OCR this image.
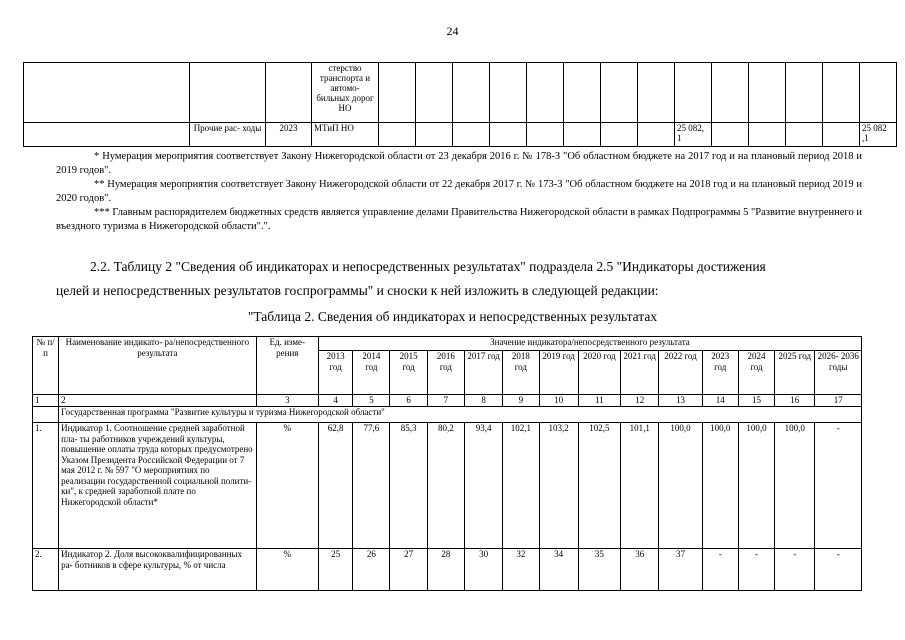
24
			стерство транспорта и автомо- бильных дорог НО														
	Прочие рас- ходы	2023	МТиП НО									25 082, 1					25 082 ,1

* Нумерация мероприятия соответствует Закону Нижегородской области от 23 декабря 2016 г. № 178-З "Об областном бюджете на 2017 год и на плановый период 2018 и 2019 годов".

** Нумерация мероприятия соответствует Закону Нижегородской области от 22 декабря 2017 г. № 173-З "Об областном бюджете на 2018 год и на плановый период 2019 и 2020 годов".

*** Главным распорядителем бюджетных средств является управление делами Правительства Нижегородской области в рамках Подпрограммы 5 "Развитие внутреннего и въездного туризма в Нижегородской области".".

2.2. Таблицу 2 "Сведения об индикаторах и непосредственных результатах" подраздела 2.5 "Индикаторы достижения

целей и непосредственных результатов госпрограммы" и сноски к ней изложить в следующей редакции:

"Таблица 2. Сведения об индикаторах и непосредственных результатах
№ п/п	Наименование индикато- ра/непосредственного результата	Ед. изме- рения	Значение индикатора/непосредственного результата													
			2013 год	2014 год	2015 год	2016 год	2017 год	2018 год	2019 год	2020 год	2021 год	2022 год	2023 год	2024 год	2025 год	2026- 2036 годы
1	2	3	4	5	6	7	8	9	10	11	12	13	14	15	16	17
	Государственная программа "Развитие культуры и туризма Нижегородской области"															
1.	Индикатор 1. Соотношение средней заработной пла- ты работников учреждений культуры, повышение оплаты труда которых предусмотрено Указом Президента Российской Федерации от 7 мая 2012 г. № 597 "О мероприятиях по реализации государственной социальной полити- ки", к средней заработной плате по Нижегородской области*	%	62,8	77,6	85,3	80,2	93,4	102,1	103,2	102,5	101,1	100,0	100,0	100,0	100,0	-
2.	Индикатор 2. Доля высококвалифицированных ра- ботников в сфере культуры, % от числа	%	25	26	27	28	30	32	34	35	36	37	-	-	-	-
